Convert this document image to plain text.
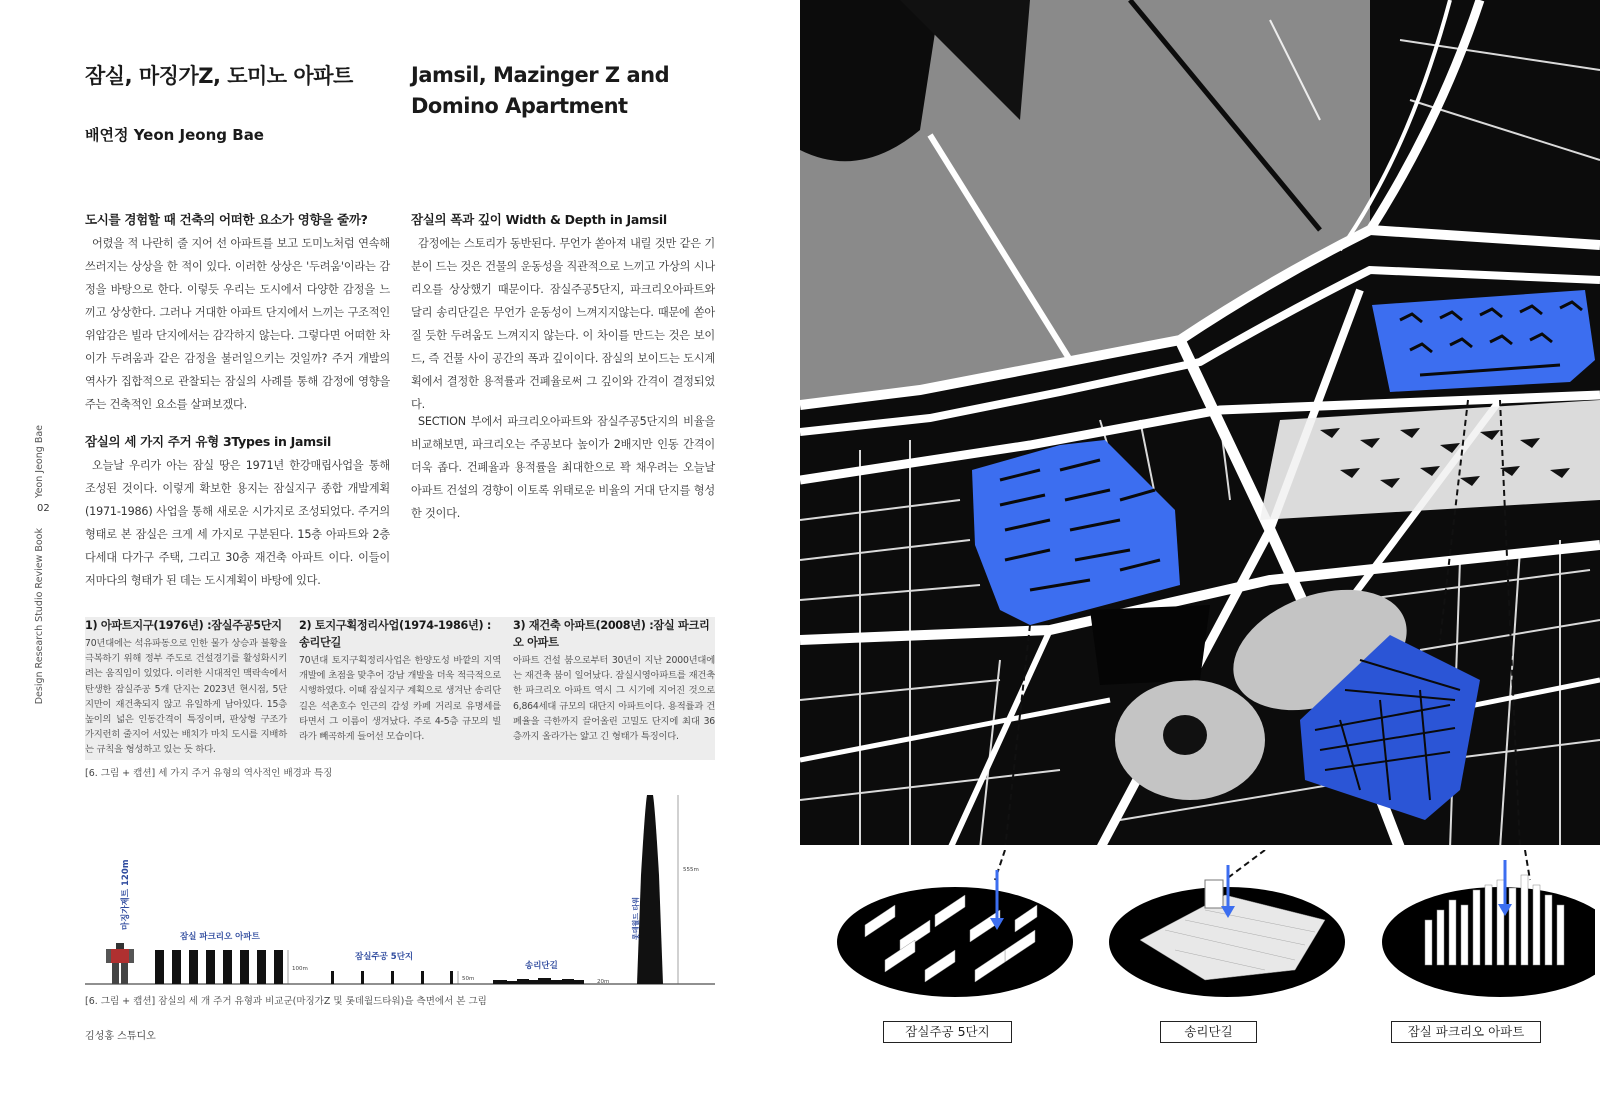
잠실, 마징가Z, 도미노 아파트	Jamsil, Mazinger Z and Domino Apartment
배연정 Yeon Jeong Bae
Yeon Jeong Bae
02
Design Research Studio Review Book
도시를 경험할 때 건축의 어떠한 요소가 영향을 줄까?
어렸을 적 나란히 줄 지어 선 아파트를 보고 도미노처럼 연속해 쓰러지는 상상을 한 적이 있다. 이러한 상상은 '두려움'이라는 감정을 바탕으로 한다. 이렇듯 우리는 도시에서 다양한 감정을 느끼고 상상한다. 그러나 거대한 아파트 단지에서 느끼는 구조적인 위압감은 빌라 단지에서는 감각하지 않는다. 그렇다면 어떠한 차이가 두려움과 같은 감정을 불러일으키는 것일까? 주거 개발의 역사가 집합적으로 관찰되는 잠실의 사례를 통해 감정에 영향을 주는 건축적인 요소를 살펴보겠다.
잠실의 세 가지 주거 유형 3Types in Jamsil
오늘날 우리가 아는 잠실 땅은 1971년 한강매립사업을 통해 조성된 것이다. 이렇게 확보한 용지는 잠실지구 종합 개발계획(1971-1986) 사업을 통해 새로운 시가지로 조성되었다. 주거의 형태로 본 잠실은 크게 세 가지로 구분된다. 15층 아파트와 2층 다세대 다가구 주택, 그리고 30층 재건축 아파트 이다. 이들이 저마다의 형태가 된 데는 도시계획이 바탕에 있다.
잠실의 폭과 깊이 Width & Depth in Jamsil
감정에는 스토리가 동반된다. 무언가 쏟아져 내릴 것만 같은 기분이 드는 것은 건물의 운동성을 직관적으로 느끼고 가상의 시나리오를 상상했기 때문이다. 잠실주공5단지, 파크리오아파트와 달리 송리단길은 무언가 운동성이 느껴지지않는다. 때문에 쏟아질 듯한 두려움도 느껴지지 않는다. 이 차이를 만드는 것은 보이드, 즉 건물 사이 공간의 폭과 깊이이다. 잠실의 보이드는 도시계획에서 결정한 용적률과 건폐율로써 그 깊이와 간격이 결정되었다.
SECTION 부에서 파크리오아파트와 잠실주공5단지의 비율을 비교해보면, 파크리오는 주공보다 높이가 2배지만 인동 간격이 더욱 좁다. 건폐율과 용적률을 최대한으로 꽉 채우려는 오늘날 아파트 건설의 경향이 이토록 위태로운 비율의 거대 단지를 형성한 것이다.
1) 아파트지구(1976년) :잠실주공5단지
70년대에는 석유파동으로 인한 물가 상승과 불황을 극복하기 위해 정부 주도로 건설경기를 활성화시키려는 움직임이 있었다. 이러한 시대적인 맥락속에서 탄생한 잠실주공 5개 단지는 2023년 현시점, 5단지만이 재건축되지 않고 유일하게 남아있다. 15층 높이의 넓은 인동간격이 특징이며, 판상형 구조가 가지런히 줄지어 서있는 배치가 마치 도시를 지배하는 규칙을 형성하고 있는 듯 하다.
2) 토지구획정리사업(1974-1986년) :송리단길
70년대 토지구획정리사업은 한양도성 바깥의 지역 개발에 초점을 맞추어 강남 개발을 더욱 적극적으로 시행하였다. 이때 잠실지구 계획으로 생겨난 송리단길은 석촌호수 인근의 감성 카페 거리로 유명세를 타면서 그 이름이 생겨났다. 주로 4-5층 규모의 빌라가 빼곡하게 들어선 모습이다.
3) 재건축 아파트(2008년) :잠실 파크리오 아파트
아파트 건설 붐으로부터 30년이 지난 2000년대에는 재건축 붐이 일어났다. 잠실시영아파트를 재건축한 파크리오 아파트 역시 그 시기에 지어진 것으로 6,864세대 규모의 대단지 아파트이다. 용적률과 건폐율을 극한까지 끌어올린 고밀도 단지에 최대 36층까지 올라가는 얇고 긴 형태가 특징이다.
[6. 그림 + 캡션] 세 가지 주거 유형의 역사적인 배경과 특징
마징가제트 120m
잠실 파크리오 아파트
100m
잠실주공 5단지
50m
송리단길
20m
롯데월드 타워
555m
[6. 그림 + 캡션] 잠실의 세 개 주거 유형과 비교군(마징가Z 및 롯데월드타워)을 측면에서 본 그림
김성홍 스튜디오	잠실주공 5단지	송리단길	잠실 파크리오 아파트
